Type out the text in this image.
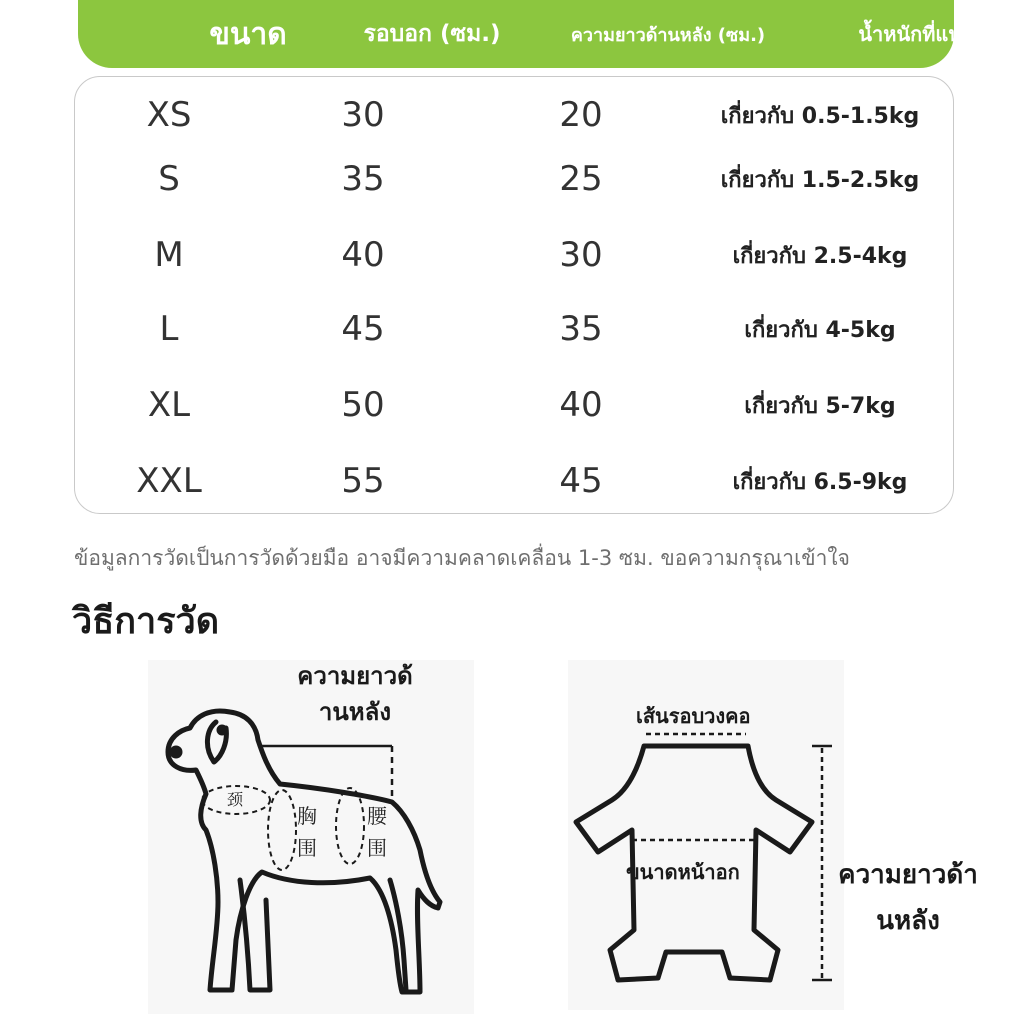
ขนาด	รอบอก (ซม.)	ความยาวด้านหลัง (ซม.)	น้ำหนักที่แนะนำ
XS	30	20	เกี่ยวกับ 0.5-1.5kg
S	35	25	เกี่ยวกับ 1.5-2.5kg
M	40	30	เกี่ยวกับ 2.5-4kg
L	45	35	เกี่ยวกับ 4-5kg
XL	50	40	เกี่ยวกับ 5-7kg
XXL	55	45	เกี่ยวกับ 6.5-9kg
ข้อมูลการวัดเป็นการวัดด้วยมือ อาจมีความคลาดเคลื่อน 1-3 ซม. ขอความกรุณาเข้าใจ
วิธีการวัด
ความยาวด้
านหลัง
颈
胸
围
腰
围
เส้นรอบวงคอ
ขนาดหน้าอก	ความยาวด้า
นหลัง
